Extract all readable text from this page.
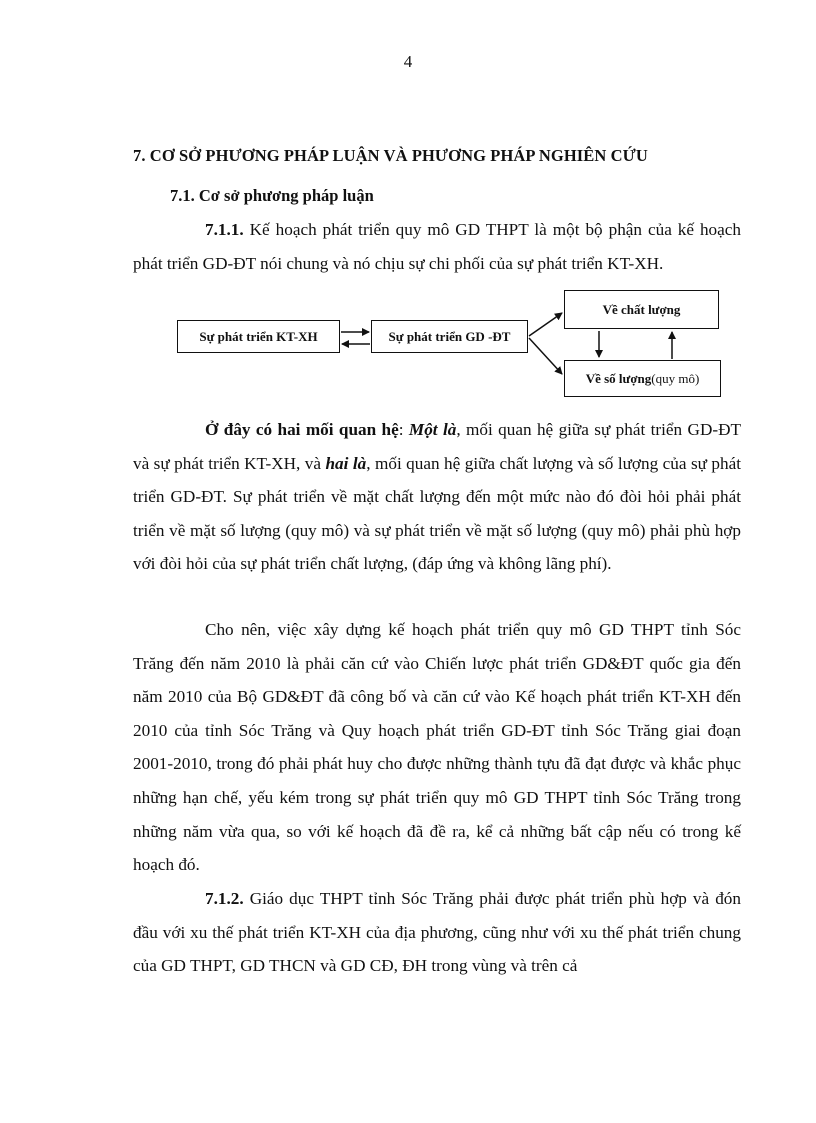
4
7. CƠ SỞ PHƯƠNG PHÁP LUẬN VÀ PHƯƠNG PHÁP NGHIÊN CỨU
7.1. Cơ sở phương pháp luận

7.1.1. Kế hoạch phát triển quy mô GD THPT là một bộ phận của kế hoạch phát triển GD-ĐT nói chung và nó chịu sự chi phối của sự phát triển KT-XH.

Sự phát triển KT-XH	Sự phát triển GD -ĐT
Về chất lượng
Về số lượng (quy mô)

Ở đây có hai mối quan hệ: Một là, mối quan hệ giữa sự phát triển GD-ĐT và sự phát triển KT-XH, và hai là, mối quan hệ giữa chất lượng và số lượng của sự phát triển GD-ĐT. Sự phát triển về mặt chất lượng đến một mức nào đó đòi hỏi phải phát triển về mặt số lượng (quy mô) và sự phát triển về mặt số lượng (quy mô) phải phù hợp với đòi hỏi của sự phát triển chất lượng, (đáp ứng và không lãng phí).

Cho nên, việc xây dựng kế hoạch phát triển quy mô GD THPT tỉnh Sóc Trăng đến năm 2010 là phải căn cứ vào Chiến lược phát triển GD&ĐT quốc gia đến năm 2010 của Bộ GD&ĐT đã công bố và căn cứ vào Kế hoạch phát triển KT-XH đến 2010 của tỉnh Sóc Trăng và Quy hoạch phát triển GD-ĐT tỉnh Sóc Trăng giai đoạn 2001-2010, trong đó phải phát huy cho được những thành tựu đã đạt được và khắc phục những hạn chế, yếu kém trong sự phát triển quy mô GD THPT tỉnh Sóc Trăng trong những năm vừa qua, so với kế hoạch đã đề ra, kể cả những bất cập nếu có trong kế hoạch đó.

7.1.2. Giáo dục THPT tỉnh Sóc Trăng phải được phát triển phù hợp và đón đầu với xu thế phát triển KT-XH của địa phương, cũng như với xu thế phát triển chung của GD THPT, GD THCN và GD CĐ, ĐH trong vùng và trên cả
